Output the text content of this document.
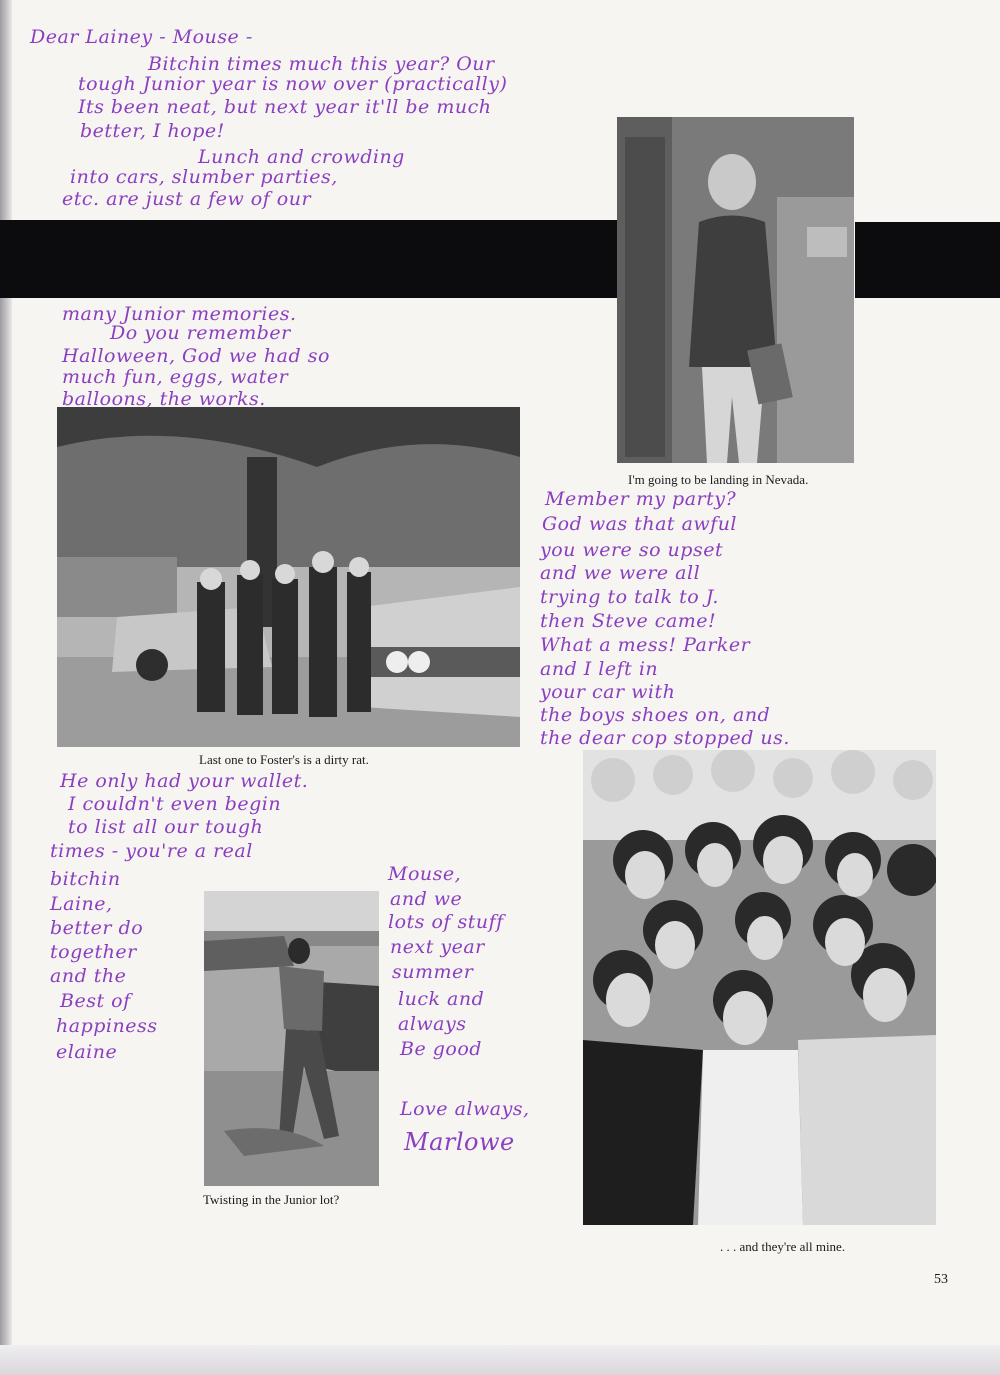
I'm going to be landing in Nevada.
Last one to Foster's is a dirty rat.
Twisting in the Junior lot?
. . . and they're all mine.
53
Dear Lainey - Mouse -
Bitchin times much this year? Our
tough Junior year is now over (practically)
Its been neat, but next year it'll be much
better, I hope!
Lunch and crowding
into cars, slumber parties,
etc. are just a few of our
many Junior memories.
Do you remember
Halloween, God we had so
much fun, eggs, water
balloons, the works.
Member my party?
God was that awful
you were so upset
and we were all
trying to talk to J.
then Steve came!
What a mess! Parker
and I left in
your car with
the boys shoes on, and
the dear cop stopped us.
He only had your wallet.
I couldn't even begin
to list all our tough
times - you're a real
bitchin
Laine,
better do
together
and the
Best of
happiness
elaine
Mouse,
and we
lots of stuff
next year
summer
luck and
always
Be good
Love always,
Marlowe
